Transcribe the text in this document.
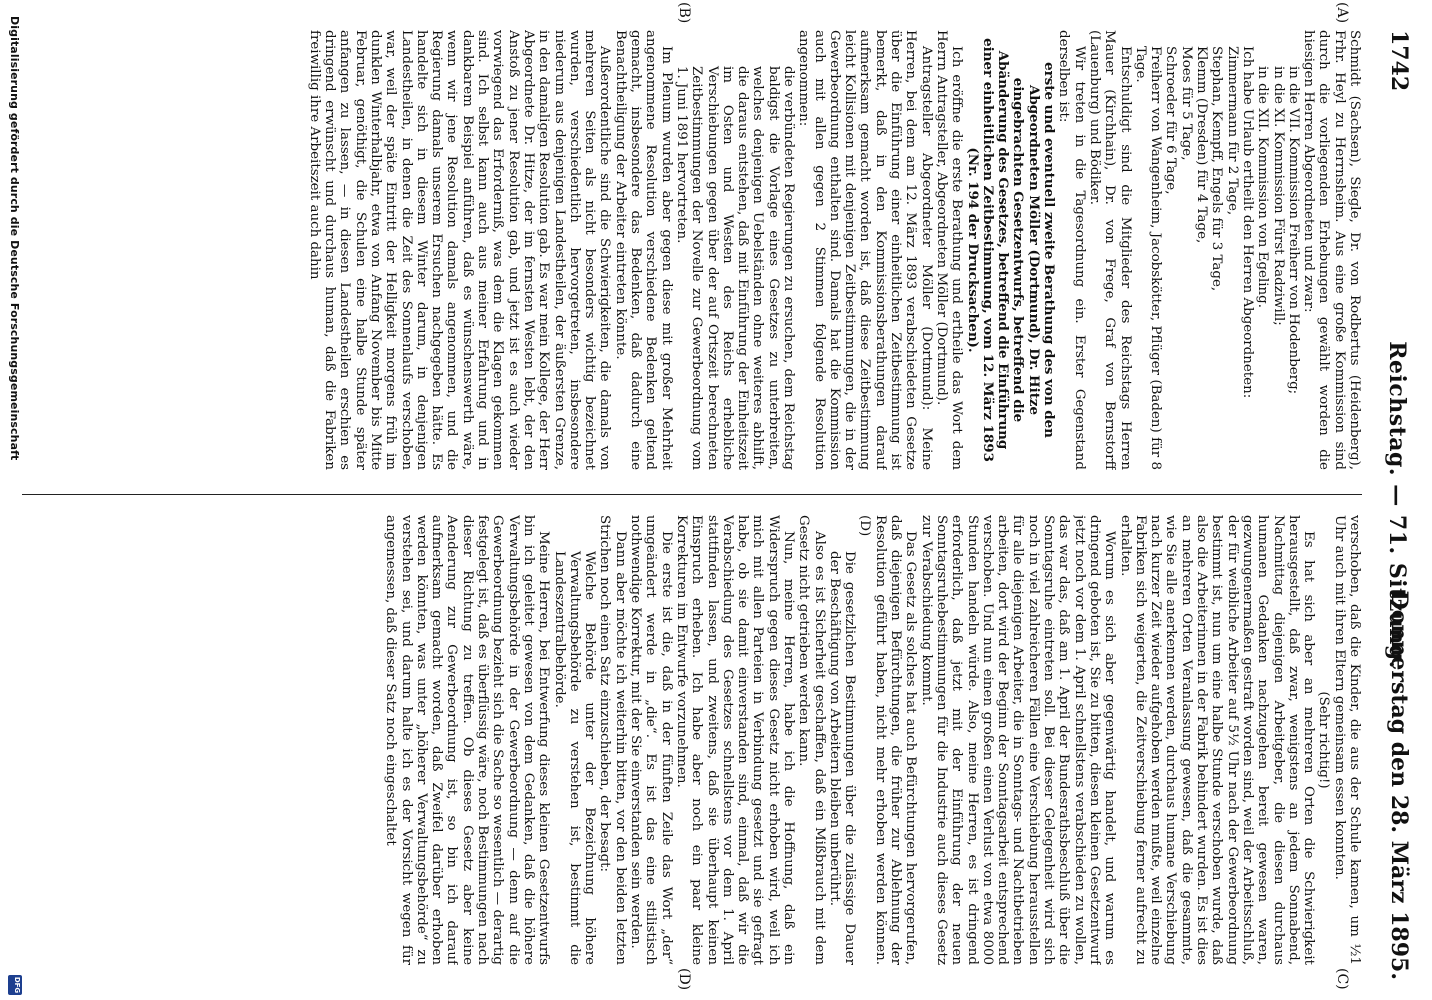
1742
Reichstag. — 71. Sitzung.
Donnerstag den 28. März 1895.
(A)
(B)
(C)
(D)

Schmidt (Sachsen), Siegle, Dr. von Rodbertus (Heidenberg), Frhr. Heyl zu Herrnsheim. Aus eine große Kommission sind durch die vorliegenden Erhebungen gewählt worden die hiesigen Herren Abgeordneten und zwar:

in die VII. Kommission Freiherr von Hodenberg;

in die XI. Kommission Fürst Radziwill;

in die XII. Kommission von Egeling.

Ich habe Urlaub ertheilt den Herren Abgeordneten:

Zimmermann für 2 Tage,

Stephan, Kempff, Engels für 3 Tage,

Klemm (Dresden) für 4 Tage,

Moes für 5 Tage,

Schroeder für 6 Tage,

Freiherr von Wangenheim, Jacobskötter, Pflüger (Baden) für 8 Tage.

Entschuldigt sind die Mitglieder des Reichstags Herren Mauer (Kirchhain), Dr. von Frege, Graf von Bernstorff (Lauenburg) und Bödiker.

Wir treten in die Tagesordnung ein. Erster Gegenstand derselben ist:

erste und eventuell zweite Berathung des von den Abgeordneten Möller (Dortmund), Dr. Hitze eingebrachten Gesetzentwurfs, betreffend die Abänderung des Gesetzes, betreffend die Einführung einer einheitlichen Zeitbestimmung, vom 12. März 1893 (Nr. 194 der Drucksachen).

Ich eröffne die erste Berathung und ertheile das Wort dem Herrn Antragsteller, Abgeordneten Möller (Dortmund).

Antragsteller Abgeordneter Möller (Dortmund): Meine Herren, bei dem am 12. März 1893 verabschiedeten Gesetze über die Einführung einer einheitlichen Zeitbestimmung ist bemerkt, daß in den Kommissionsberathungen darauf aufmerksam gemacht worden ist, daß diese Zeitbestimmung leicht Kollisionen mit denjenigen Zeitbestimmungen, die in der Gewerbeordnung enthalten sind. Damals hat die Kommission auch mit allen gegen 2 Stimmen folgende Resolution angenommen:

die verbündeten Regierungen zu ersuchen, dem Reichstag baldigst die Vorlage eines Gesetzes zu unterbreiten, welches denjenigen Uebelständen ohne weiteres abhilft, die daraus entstehen, daß mit Einführung der Einheitszeit im Osten und Westen des Reichs erhebliche Verschiebungen gegen über der auf Ortszeit berechneten Zeitbestimmungen der Novelle zur Gewerbeordnung vom 1. Juni 1891 hervortreten.

Im Plenum wurden aber gegen diese mit großer Mehrheit angenommene Resolution verschiedene Bedenken geltend gemacht, insbesondere das Bedenken, daß dadurch eine Benachtheiligung der Arbeiter eintreten könnte.

Außerordentliche sind die Schwierigkeiten, die damals von mehreren Seiten als nicht besonders wichtig bezeichnet wurden, verschiedentlich hervorgetreten, insbesondere niederum aus denjenigen Landestheilen, der äußersten Grenze, in den damaligen Resolution gab. Es war mein Kollege, der Herr Abgeordnete Dr. Hitze, der im fernsten Westen lebt, der den Anstoß zu jener Resolution gab, und jetzt ist es auch wieder vorwiegend das Erforderniß, was dem die Klagen gekommen sind. Ich selbst kann auch aus meiner Erfahrung und in dankbarem Beispiel anführen, daß es wünschenswerth wäre, wenn wir jene Resolution damals angenommen, und die Regierung damals unserem Ersuchen nachgegeben hätte. Es handelte sich in diesem Winter darum, in denjenigen Landestheilen, in denen die Zeit des Sonnenlaufs verschoben war, weil der späte Eintritt der Helligkeit morgens früh im dunklen Winterhalbjahr, etwa von Anfang November bis Mitte Februar, genöthigt, die Schulen eine halbe Stunde später anfangen zu lassen, — in diesen Landestheilen erschien es dringend erwünscht und durchaus human, daß die Fabriken freiwillig ihre Arbeitszeit auch dahin

verschoben, daß die Kinder, die aus der Schule kamen, um ½1 Uhr auch mit ihren Eltern gemeinsam essen konnten.

(Sehr richtig!)

Es hat sich aber an mehreren Orten die Schwierigkeit herausgestellt, daß zwar, wenigstens an jedem Sonnabend, Nachmittag diejenigen Arbeitgeber, die diesen durchaus humanen Gedanken nachzugehen bereit gewesen waren, gezwungenermaßen gestraft worden sind, weil der Arbeitsschluß, der für weibliche Arbeiter auf 5½ Uhr nach der Gewerbeordnung bestimmt ist, nun um eine halbe Stunde verschoben wurde, daß also die Arbeiterinnen in der Fabrik behindert wurden. Es ist dies an mehreren Orten Veranlassung gewesen, daß die gesammte, wie Sie alle anerkennen werden, durchaus humane Verschiebung nach kurzer Zeit wieder aufgehoben werden mußte, weil einzelne Fabriken sich weigerten, die Zeitverschiebung ferner aufrecht zu erhalten.

Worum es sich aber gegenwärtig handelt, und warum es dringend geboten ist, Sie zu bitten, diesen kleinen Gesetzentwurf jetzt noch vor dem 1. April schnellstens verabschieden zu wollen, das war das, daß am 1. April der Bundesrathsbeschluß über die Sonntagsruhe eintreten soll. Bei dieser Gelegenheit wird sich noch in viel zahlreicheren Fällen eine Verschiebung herausstellen für alle diejenigen Arbeiter, die in Sonntags- und Nachtbetrieben arbeiten, dort wird der Beginn der Sonntagsarbeit entsprechend verschoben. Und nun einen großen einen Verlust von etwa 8000 Stunden handeln würde. Also, meine Herren, es ist dringend erforderlich, daß jetzt mit der Einführung der neuen Sonntagsruhebestimmungen für die Industrie auch dieses Gesetz zur Verabschiedung kommt.

Das Gesetz als solches hat auch Befürchtungen hervorgerufen, daß diejenigen Befürchtungen, die früher zur Ablehnung der Resolution geführt haben, nicht mehr erhoben werden können. (D)

Die gesetzlichen Bestimmungen über die zulässige Dauer der Beschäftigung von Arbeitern bleiben unberührt.

Also es ist Sicherheit geschaffen, daß ein Mißbrauch mit dem Gesetz nicht getrieben werden kann.

Nun, meine Herren, habe ich die Hoffnung, daß ein Widerspruch gegen dieses Gesetz nicht erhoben wird, weil ich mich mit allen Parteien in Verbindung gesetzt und sie gefragt habe, ob sie damit einverstanden sind, einmal, daß wir die Verabschiedung des Gesetzes schnellstens vor dem 1. April stattfinden lassen, und zweitens, daß sie überhaupt keinen Einspruch erheben. Ich habe aber noch ein paar kleine Korrekturen im Entwurfe vorzunehmen.

Die erste ist die, daß in der fünften Zeile das Wort „der“ umgeändert werde in „die“. Es ist das eine stilistisch nothwendige Korrektur, mit der Sie einverstanden sein werden.

Dann aber möchte ich weiterhin bitten, vor den beiden letzten Strichen noch einen Satz einzuschieben, der besagt:

Welche Behörde unter der Bezeichnung höhere Verwaltungsbehörde zu verstehen ist, bestimmt die Landeszentralbehörde.

Meine Herren, bei Entwerfung dieses kleinen Gesetzentwurfs bin ich geleitet gewesen von dem Gedanken, daß die höhere Verwaltungsbehörde in der Gewerbeordnung — denn auf die Gewerbeordnung bezieht sich die Sache so wesentlich — derartig festgelegt ist, daß es überflüssig wäre, noch Bestimmungen nach dieser Richtung zu treffen. Ob dieses Gesetz aber keine Aenderung zur Gewerbeordnung ist, so bin ich darauf aufmerksam gemacht worden, daß Zweifel darüber erhoben werden könnten, was unter „höherer Verwaltungsbehörde“ zu verstehen sei, und darum halte ich es der Vorsicht wegen für angemessen, daß dieser Satz noch eingeschaltet

Digitalisierung gefördert durch die Deutsche Forschungsgemeinschaft
DFG
